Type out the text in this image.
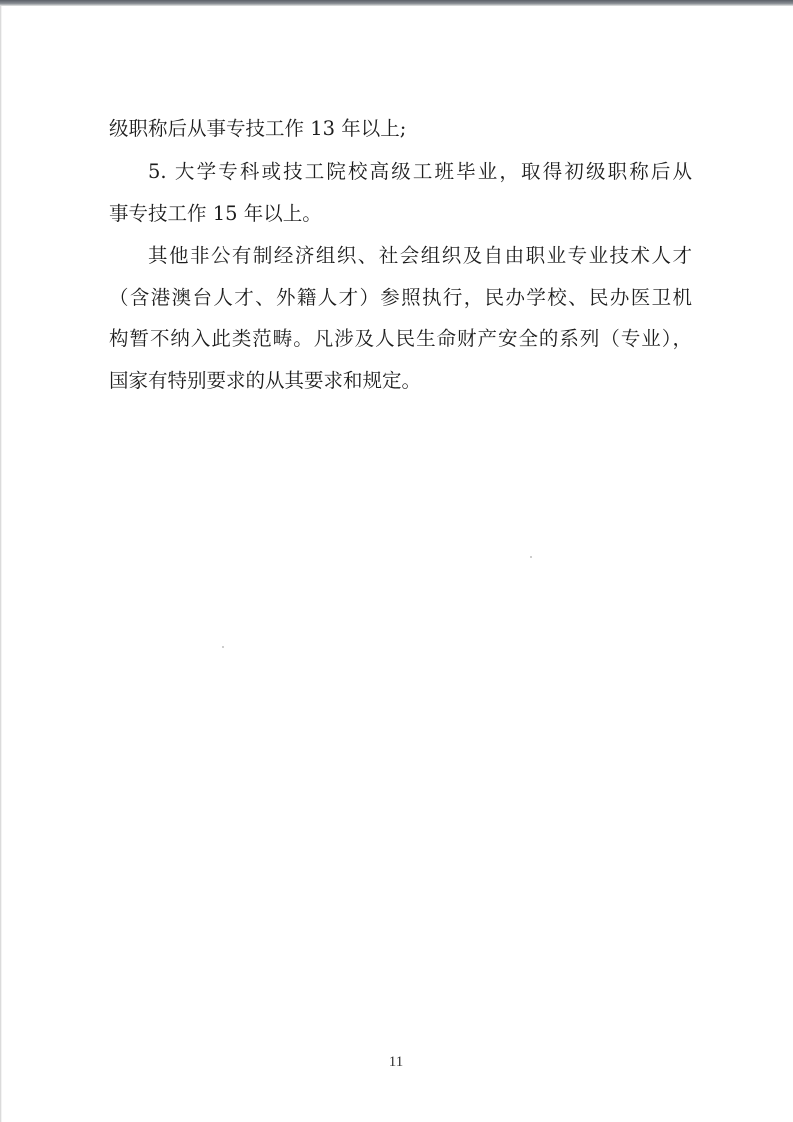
级职称后从事专技工作 13 年以上;
5. 大学专科或技工院校高级工班毕业，取得初级职称后从
事专技工作 15 年以上。
其他非公有制经济组织、社会组织及自由职业专业技术人才
（含港澳台人才、外籍人才）参照执行，民办学校、民办医卫机
构暂不纳入此类范畴。凡涉及人民生命财产安全的系列（专业），
国家有特别要求的从其要求和规定。
11
